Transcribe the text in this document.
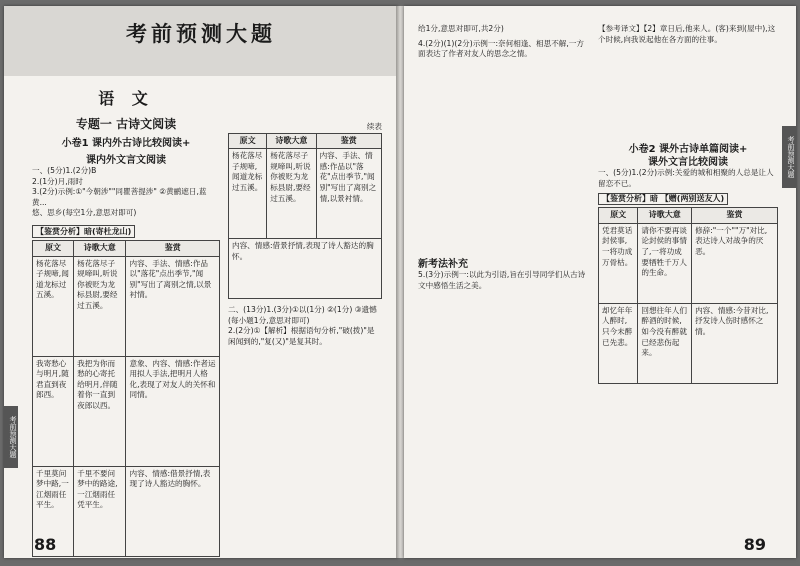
考前预测大题
考前预测大题
语 文
专题一 古诗文阅读
小卷1 课内外古诗比较阅读+
课内外文言文阅读

一、(5分)1.(2分)B

2.(1分)月,雨时

3.(2分)示例:①"今朝涉""同瞿菩提涉" ②黄鹂遮日,蓝黄...

悠、思乡(每空1分,意思对即可)

【鉴赏分析】暗(寄杜龙山)
原文	诗歌大意	鉴赏
杨花落尽子规啼,闻道龙标过五溪。	杨花落尽子规啼叫,听说你被贬为龙标县尉,要经过五溪。	内容、手法、情感:作品以"落花"点出季节,"闻别"写出了离别之情,以景衬情。
我寄愁心与明月,随君直到夜郎西。	我把为你而愁的心寄托给明月,伴随着你一直到夜郎以西。	意象、内容、情感:作者运用拟人手法,把明月人格化,表现了对友人的关怀和同情。
千里莫问梦中路,一江烟雨任平生。	千里不要问梦中的路途,一江烟雨任凭平生。	内容、情感:借景抒情,表现了诗人豁达的胸怀。
续表
原文	诗歌大意	鉴赏
杨花落尽子规啼,闻道龙标过五溪。	杨花落尽子规啼叫,听说你被贬为龙标县尉,要经过五溪。	内容、手法、情感:作品以"落花"点出季节,"闻别"写出了离别之情,以景衬情。
内容、情感:借景抒情,表现了诗人豁达的胸怀。		

二、(13分)1.(3分)①以(1分) ②(1分) ③遗憾(每小题1分,意思对即可)

2.(2分)①【解析】根据语句分析,"破(拨)"是闲闻到的,"复(又)"是复其时。

88
考前预测大题

给1分,意思对即可,共2分)

4.(2分)(1)(2分)示例一:奈何相逢、相思不解,一方面表达了作者对友人的思念之情。

新考法补充

5.(3分)示例一:以此为引语,旨在引导同学们从古诗文中感悟生活之美。

【参考译文】【2】章日后,他来人。(客)来到(屋中),这个时候,向我说起他在各方面的往事。

小卷2 课外古诗单篇阅读+
课外文言比较阅读

一、(5分)1.(2分)示例:关爱的城和相聚的人总是让人留恋不已。

【鉴赏分析】暗 【赠(两别送友人)
原文	诗歌大意	鉴赏
凭君莫话封侯事,一将功成万骨枯。	请你不要再谈论封侯的事情了,一将功成要牺牲千万人的生命。	修辞:"一个""万"对比,表达诗人对战争的厌恶。
却忆年年人醉时,只今未醉已先悲。	回想往年人们醉酒的时候,如今没有醉就已经悲伤起来。	内容、情感:今昔对比,抒发诗人伤时感怀之情。
89
